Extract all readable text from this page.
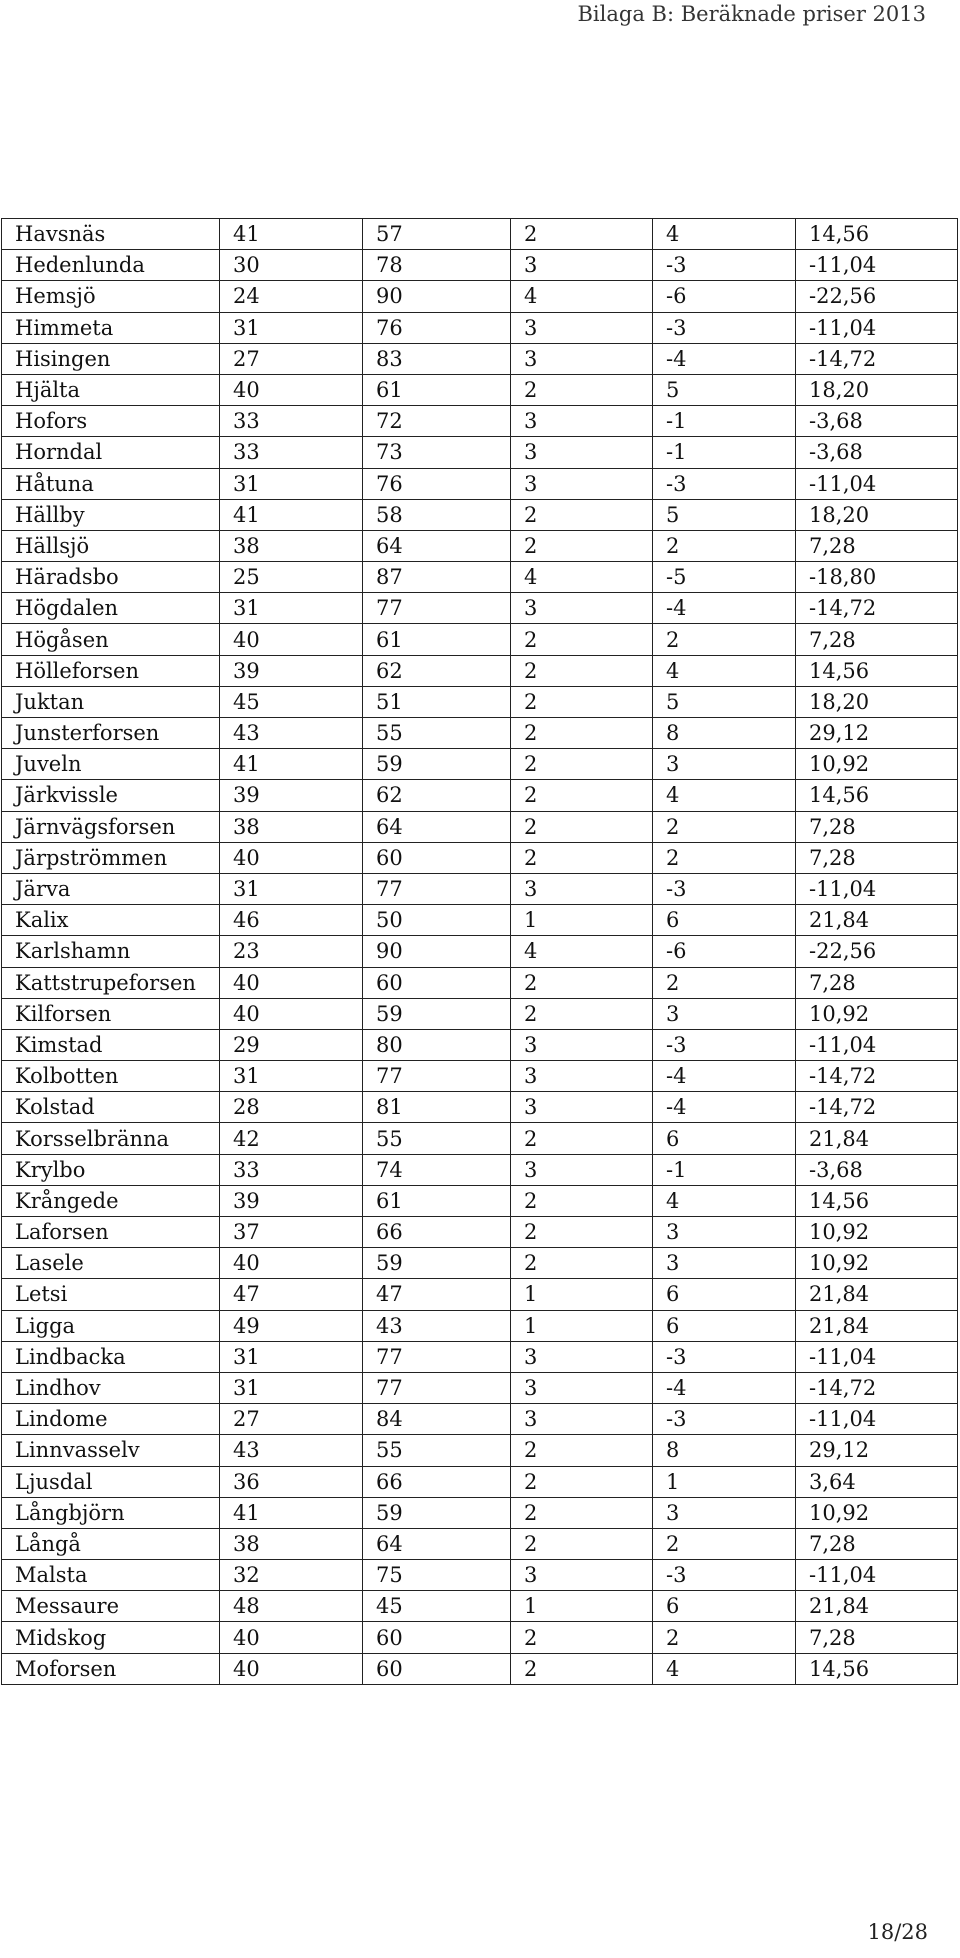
Bilaga B: Beräknade priser 2013
Havsnäs	41	57	2	4	14,56
Hedenlunda	30	78	3	-3	-11,04
Hemsjö	24	90	4	-6	-22,56
Himmeta	31	76	3	-3	-11,04
Hisingen	27	83	3	-4	-14,72
Hjälta	40	61	2	5	18,20
Hofors	33	72	3	-1	-3,68
Horndal	33	73	3	-1	-3,68
Håtuna	31	76	3	-3	-11,04
Hällby	41	58	2	5	18,20
Hällsjö	38	64	2	2	7,28
Häradsbo	25	87	4	-5	-18,80
Högdalen	31	77	3	-4	-14,72
Högåsen	40	61	2	2	7,28
Hölleforsen	39	62	2	4	14,56
Juktan	45	51	2	5	18,20
Junsterforsen	43	55	2	8	29,12
Juveln	41	59	2	3	10,92
Järkvissle	39	62	2	4	14,56
Järnvägsforsen	38	64	2	2	7,28
Järpströmmen	40	60	2	2	7,28
Järva	31	77	3	-3	-11,04
Kalix	46	50	1	6	21,84
Karlshamn	23	90	4	-6	-22,56
Kattstrupeforsen	40	60	2	2	7,28
Kilforsen	40	59	2	3	10,92
Kimstad	29	80	3	-3	-11,04
Kolbotten	31	77	3	-4	-14,72
Kolstad	28	81	3	-4	-14,72
Korsselbränna	42	55	2	6	21,84
Krylbo	33	74	3	-1	-3,68
Krångede	39	61	2	4	14,56
Laforsen	37	66	2	3	10,92
Lasele	40	59	2	3	10,92
Letsi	47	47	1	6	21,84
Ligga	49	43	1	6	21,84
Lindbacka	31	77	3	-3	-11,04
Lindhov	31	77	3	-4	-14,72
Lindome	27	84	3	-3	-11,04
Linnvasselv	43	55	2	8	29,12
Ljusdal	36	66	2	1	3,64
Långbjörn	41	59	2	3	10,92
Långå	38	64	2	2	7,28
Malsta	32	75	3	-3	-11,04
Messaure	48	45	1	6	21,84
Midskog	40	60	2	2	7,28
Moforsen	40	60	2	4	14,56
18/28
